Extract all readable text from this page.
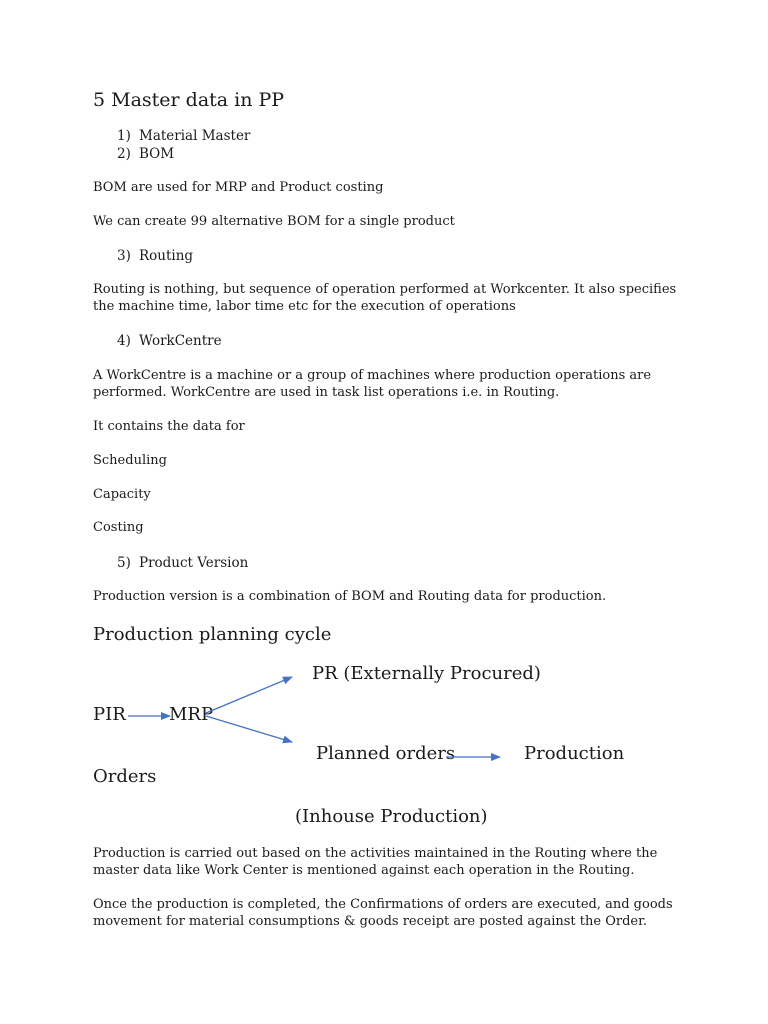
5 Master data in PP
1) Material Master
2) BOM
BOM are used for MRP and Product costing
We can create 99 alternative BOM for a single product
3) Routing
Routing is nothing, but sequence of operation performed at Workcenter. It also specifies
the machine time, labor time etc for the execution of operations
4) WorkCentre
A WorkCentre is a machine or a group of machines where production operations are
performed. WorkCentre are used in task list operations i.e. in Routing.
It contains the data for
Scheduling
Capacity
Costing
5) Product Version
Production version is a combination of BOM and Routing data for production.
Production planning cycle
PR (Externally Procured)
PIR MRP
Planned orders	Production
Orders
(Inhouse Production)
Production is carried out based on the activities maintained in the Routing where the
master data like Work Center is mentioned against each operation in the Routing.
Once the production is completed, the Confirmations of orders are executed, and goods
movement for material consumptions & goods receipt are posted against the Order.
